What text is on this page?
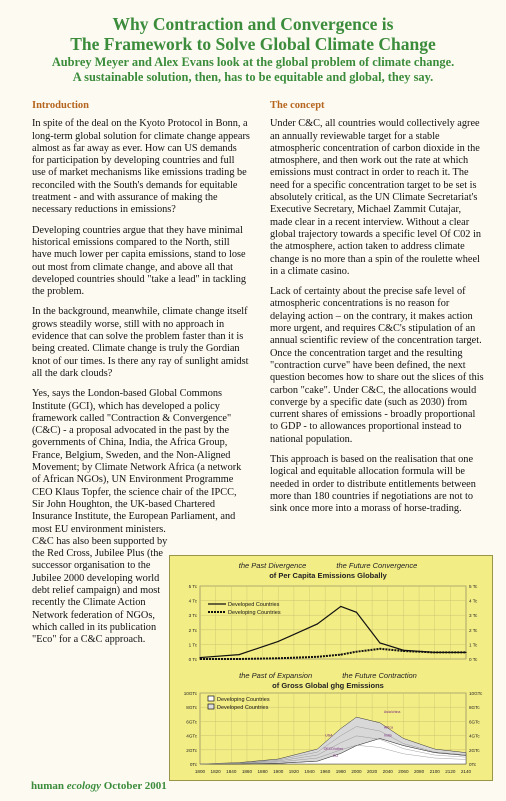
Why Contraction and Convergence is
The Framework to Solve Global Climate Change
Aubrey Meyer and Alex Evans look at the global problem of climate change.
A sustainable solution, then, has to be equitable and global, they say.
Introduction

In spite of the deal on the Kyoto Protocol in Bonn, a long-term global solution for climate change appears almost as far away as ever. How can US demands for participation by developing countries and full use of market mechanisms like emissions trading be reconciled with the South's demands for equitable treatment - and with assurance of making the necessary reductions in emissions?

Developing countries argue that they have minimal historical emissions compared to the North, still have much lower per capita emissions, stand to lose out most from climate change, and above all that developed countries should "take a lead" in tackling the problem.

In the background, meanwhile, climate change itself grows steadily worse, still with no approach in evidence that can solve the problem faster than it is being created. Climate change is truly the Gordian knot of our times. Is there any ray of sunlight amidst all the dark clouds?

Yes, says the London-based Global Commons Institute (GCI), which has developed a policy framework called "Contraction & Convergence" (C&C) - a proposal advocated in the past by the governments of China, India, the Africa Group, France, Belgium, Sweden, and the Non-Aligned Movement; by Climate Network Africa (a network of African NGOs), UN Environment Programme CEO Klaus Topfer, the science chair of the IPCC, Sir John Houghton, the UK-based Chartered Insurance Institute, the European Parliament, and most EU environment ministers.

C&C has also been supported by the Red Cross, Jubilee Plus (the successor organisation to the Jubilee 2000 developing world debt relief campaign) and most recently the Climate Action Network federation of NGOs, which called in its publication "Eco" for a C&C approach.

The concept

Under C&C, all countries would collectively agree an annually reviewable target for a stable atmospheric concentration of carbon dioxide in the atmosphere, and then work out the rate at which emissions must contract in order to reach it. The need for a specific concentration target to be set is absolutely critical, as the UN Climate Secretariat's Executive Secretary, Michael Zammit Cutajar, made clear in a recent interview. Without a clear global trajectory towards a specific level Of C02 in the atmosphere, action taken to address climate change is no more than a spin of the roulette wheel in a climate casino.

Lack of certainty about the precise safe level of atmospheric concentrations is no reason for delaying action – on the contrary, it makes action more urgent, and requires C&C's stipulation of an annual scientific review of the concentration target. Once the concentration target and the resulting "contraction curve" have been defined, the next question becomes how to share out the slices of this carbon "cake". Under C&C, the allocations would converge by a specific date (such as 2030) from current shares of emissions - broadly proportional to GDP - to allowances proportional instead to national population.

This approach is based on the realisation that one logical and equitable allocation formula will be needed in order to distribute entitlements between more than 180 countries if negotiations are not to sink once more into a morass of horse-trading.

the Past Divergence	the Future Convergence
of Per Capita Emissions Globally
the Past of Expansion	the Future Contraction
of Gross Global ghg Emissions
5 Tc	5 Tc
4 Tc	4 Tc
3 Tc	3 Tc
2 Tc	2 Tc
1 Tc	1 Tc
0 Tc	0 Tc
10GTc	10GTc
8GTc	8GTc
6GTc	6GTc
4GTc	4GTc
2GTc	2GTc
0Tc	0Tc
1800 1820 1840 1860 1880 1900 1920 1940 1960 1980 2000 2020 2040 2060 2080 2100 2120 2140
Developed Countries
Developing Countries
Developing Countries
Developed Countries
Asia/china
Africa
India
USA
OECD/other
EU
human ecology October 2001
